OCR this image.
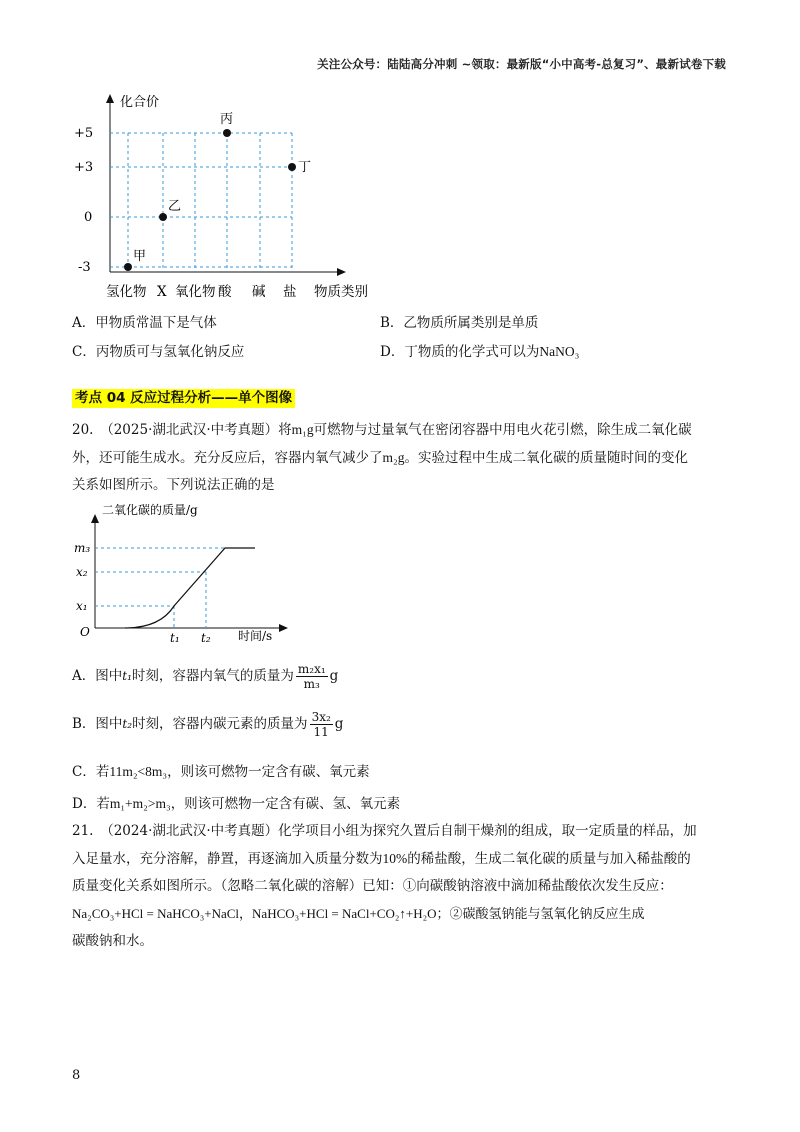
关注公众号：陆陆高分冲刺 ~领取：最新版“小中高考-总复习”、最新试卷下载
化合价
+5
+3
0
-3
氢化物 X 氧化物 酸 碱 盐 物质类别
甲
乙
丙
丁
A．甲物质常温下是气体	B．乙物质所属类别是单质
C．丙物质可与氢氧化钠反应	D．丁物质的化学式可以为NaNO₃
考点 04 反应过程分析——单个图像
20.　（2025·湖北武汉·中考真题）将m₁g可燃物与过量氧气在密闭容器中用电火花引燃，除生成二氧化碳
外，还可能生成水。充分反应后，容器内氧气减少了m₂g。实验过程中生成二氧化碳的质量随时间的变化
关系如图所示。下列说法正确的是
二氧化碳的质量/g
m₃
x₂
x₁
O	t₁ t₂ 时间/s
A．图中t₁时刻，容器内氧气的质量为 $\frac{\text{m₂x₁}}{\text{m₃}}$ g
B．图中t₂时刻，容器内碳元素的质量为 $\frac{\text{3x₂}}{11}$ g
C．若11m₂<8m₃，则该可燃物一定含有碳、氧元素
D．若m₁+m₂>m₃，则该可燃物一定含有碳、氢、氧元素
21.　（2024·湖北武汉·中考真题）化学项目小组为探究久置后自制干燥剂的组成，取一定质量的样品，加
入足量水，充分溶解，静置，再逐滴加入质量分数为10%的稀盐酸，生成二氧化碳的质量与加入稀盐酸的
质量变化关系如图所示。（忽略二氧化碳的溶解）已知：①向碳酸钠溶液中滴加稀盐酸依次发生反应：
Na₂CO₃+HCl = NaHCO₃+NaCl，NaHCO₃+HCl = NaCl+CO₂↑+H₂O；②碳酸氢钠能与氢氧化钠反应生成
碳酸钠和水。
8
